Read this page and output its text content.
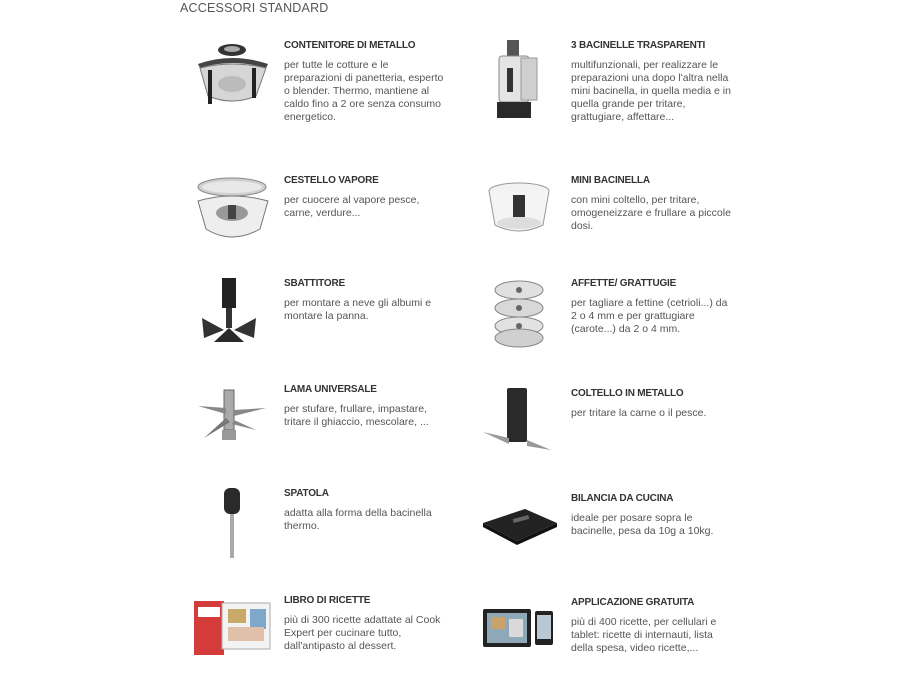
ACCESSORI STANDARD

CONTENITORE DI METALLO

per tutte le cotture e le preparazioni di panetteria, esperto o blender. Thermo, mantiene al caldo fino a 2 ore senza consumo energetico.

3 BACINELLE TRASPARENTI

multifunzionali, per realizzare le preparazioni una dopo l'altra nella mini bacinella, in quella media e in quella grande per tritare, grattugiare, affettare...

CESTELLO VAPORE

per cuocere al vapore pesce, carne, verdure...

MINI BACINELLA

con mini coltello, per tritare, omogeneizzare e frullare a piccole dosi.

SBATTITORE

per montare a neve gli albumi e montare la panna.

AFFETTE/ GRATTUGIE

per tagliare a fettine (cetrioli...) da 2 o 4 mm e per grattugiare (carote...) da 2 o 4 mm.

LAMA UNIVERSALE

per stufare, frullare, impastare, tritare il ghiaccio, mescolare, ...

COLTELLO IN METALLO

per tritare la carne o il pesce.

SPATOLA

adatta alla forma della bacinella thermo.

BILANCIA DA CUCINA

ideale per posare sopra le bacinelle, pesa da 10g a 10kg.

LIBRO DI RICETTE

più di 300 ricette adattate al Cook Expert per cucinare tutto, dall'antipasto al dessert.

APPLICAZIONE GRATUITA

più di 400 ricette, per cellulari e tablet: ricette di internauti, lista della spesa, video ricette,...
